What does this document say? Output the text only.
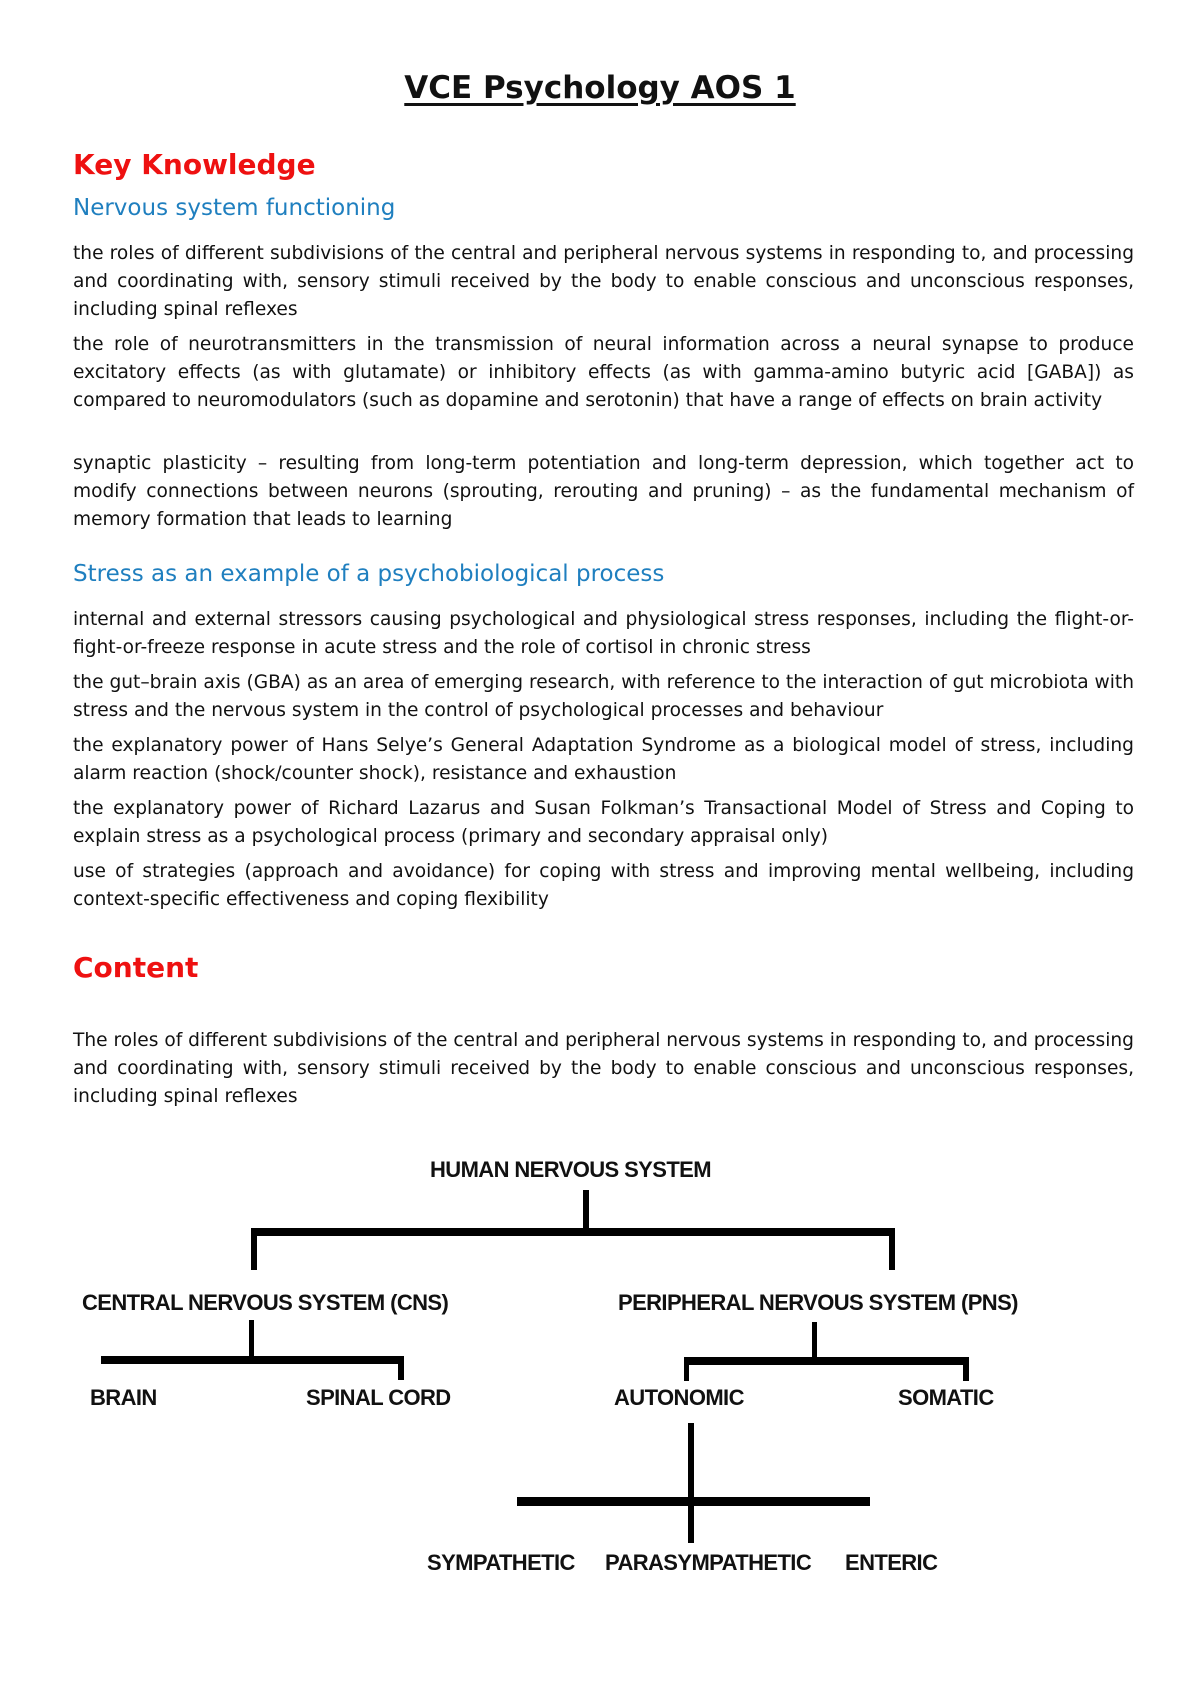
VCE Psychology AOS 1
Key Knowledge
Nervous system functioning
the roles of different subdivisions of the central and peripheral nervous systems in responding to, and processing and coordinating with, sensory stimuli received by the body to enable conscious and unconscious responses, including spinal reflexes
the role of neurotransmitters in the transmission of neural information across a neural synapse to produce excitatory effects (as with glutamate) or inhibitory effects (as with gamma-amino butyric acid [GABA]) as compared to neuromodulators (such as dopamine and serotonin) that have a range of effects on brain activity
synaptic plasticity – resulting from long-term potentiation and long-term depression, which together act to modify connections between neurons (sprouting, rerouting and pruning) – as the fundamental mechanism of memory formation that leads to learning
Stress as an example of a psychobiological process
internal and external stressors causing psychological and physiological stress responses, including the flight-or-fight-or-freeze response in acute stress and the role of cortisol in chronic stress
the gut–brain axis (GBA) as an area of emerging research, with reference to the interaction of gut microbiota with stress and the nervous system in the control of psychological processes and behaviour
the explanatory power of Hans Selye’s General Adaptation Syndrome as a biological model of stress, including alarm reaction (shock/counter shock), resistance and exhaustion
the explanatory power of Richard Lazarus and Susan Folkman’s Transactional Model of Stress and Coping to explain stress as a psychological process (primary and secondary appraisal only)
use of strategies (approach and avoidance) for coping with stress and improving mental wellbeing, including context-specific effectiveness and coping flexibility
Content
The roles of different subdivisions of the central and peripheral nervous systems in responding to, and processing and coordinating with, sensory stimuli received by the body to enable conscious and unconscious responses, including spinal reflexes
HUMAN NERVOUS SYSTEM
CENTRAL NERVOUS SYSTEM (CNS)	PERIPHERAL NERVOUS SYSTEM (PNS)
BRAIN	SPINAL CORD	AUTONOMIC	SOMATIC
SYMPATHETIC PARASYMPATHETIC ENTERIC
